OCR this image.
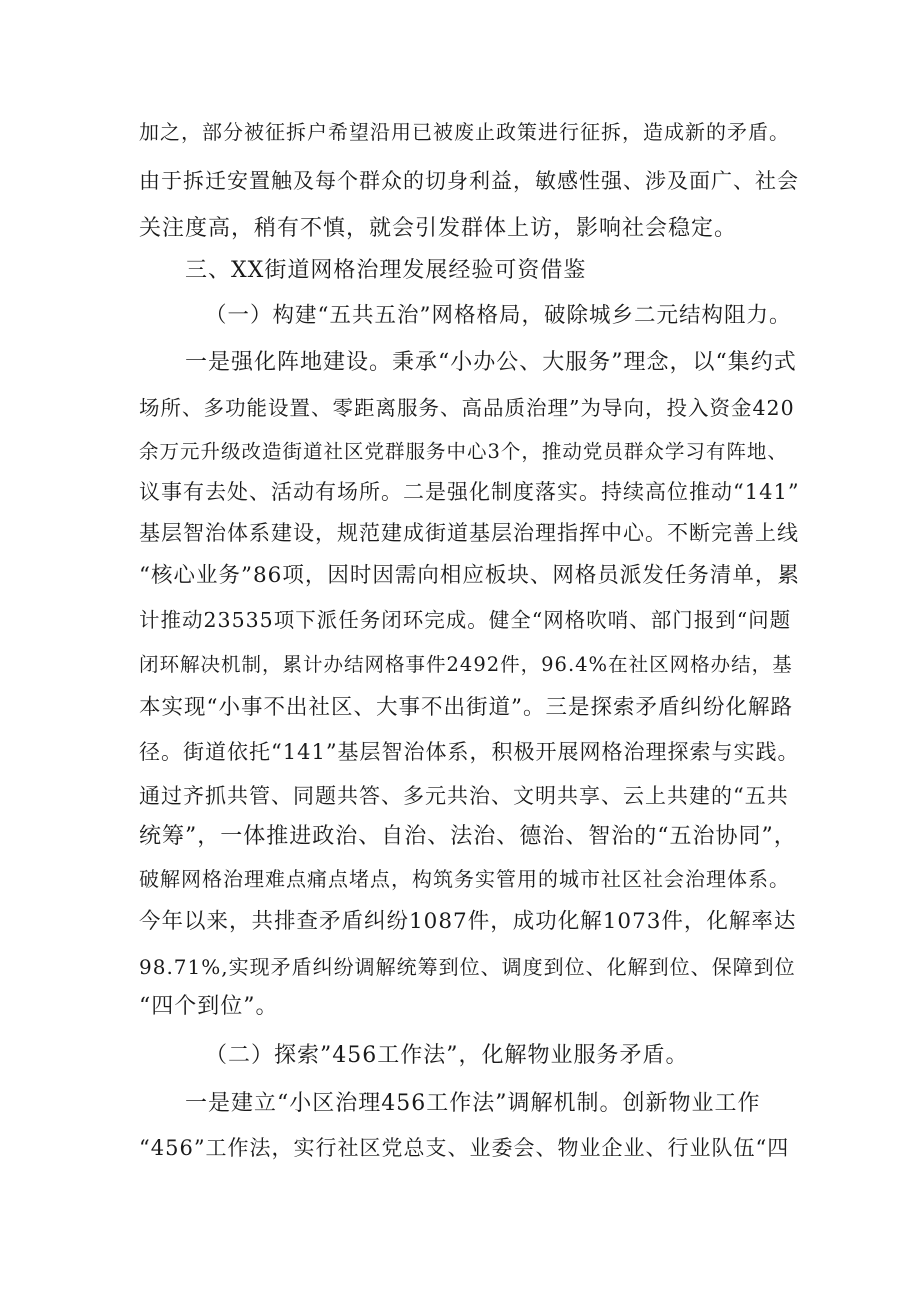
加之，部分被征拆户希望沿用已被废止政策进行征拆，造成新的矛盾。
由于拆迁安置触及每个群众的切身利益，敏感性强、涉及面广、社会
关注度高，稍有不慎，就会引发群体上访，影响社会稳定。
三、XX街道网格治理发展经验可资借鉴
（一）构建“五共五治”网格格局，破除城乡二元结构阻力。
一是强化阵地建设。秉承“小办公、大服务”理念，以“集约式
场所、多功能设置、零距离服务、高品质治理”为导向，投入资金420
余万元升级改造街道社区党群服务中心3个，推动党员群众学习有阵地、
议事有去处、活动有场所。二是强化制度落实。持续高位推动“141”
基层智治体系建设，规范建成街道基层治理指挥中心。不断完善上线
“核心业务”86项，因时因需向相应板块、网格员派发任务清单，累
计推动23535项下派任务闭环完成。健全“网格吹哨、部门报到“问题
闭环解决机制，累计办结网格事件2492件，96.4%在社区网格办结，基
本实现“小事不出社区、大事不出街道”。三是探索矛盾纠纷化解路
径。街道依托“141”基层智治体系，积极开展网格治理探索与实践。
通过齐抓共管、同题共答、多元共治、文明共享、云上共建的“五共
统筹”，一体推进政治、自治、法治、德治、智治的“五治协同”，
破解网格治理难点痛点堵点，构筑务实管用的城市社区社会治理体系。
今年以来，共排查矛盾纠纷1087件，成功化解1073件，化解率达
98.71%,实现矛盾纠纷调解统筹到位、调度到位、化解到位、保障到位
“四个到位”。
（二）探索”456工作法”，化解物业服务矛盾。
一是建立“小区治理456工作法”调解机制。创新物业工作
“456”工作法，实行社区党总支、业委会、物业企业、行业队伍“四
